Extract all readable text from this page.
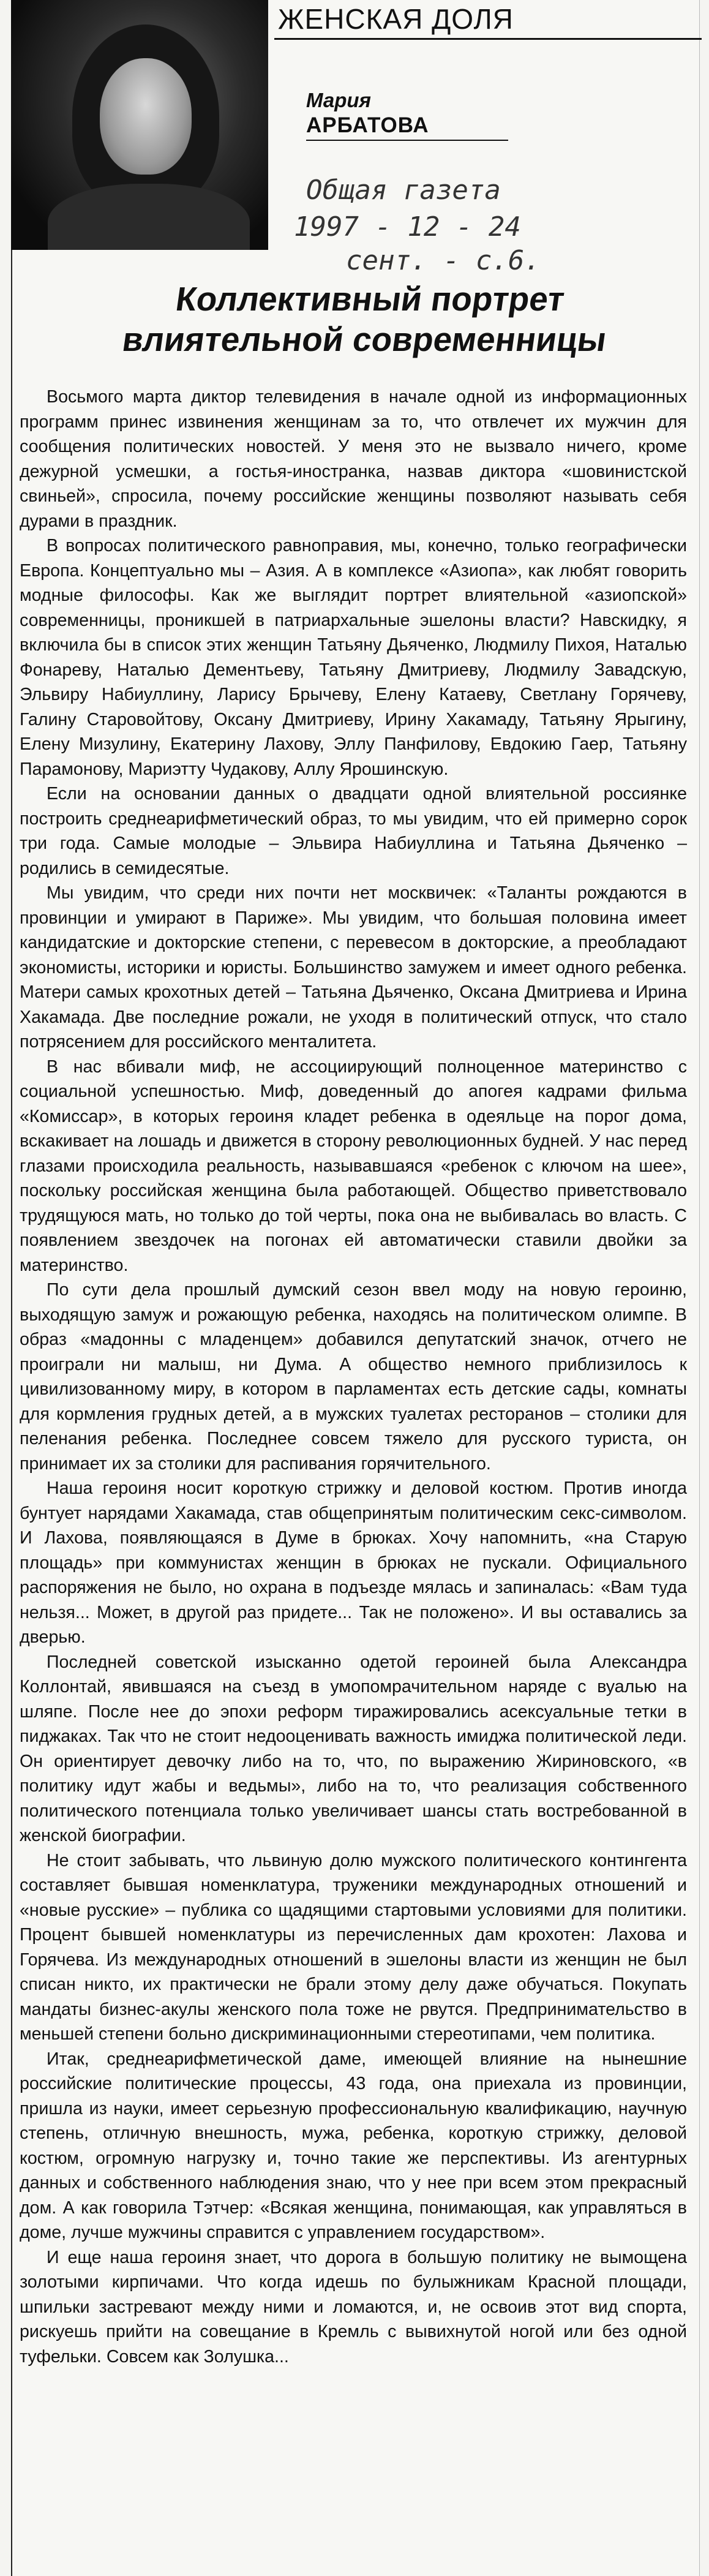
ЖЕНСКАЯ ДОЛЯ
Мария
АРБАТОВА
Общая газета
1997 - 12 - 24
сент. - с.6.
Коллективный портрет
влиятельной современницы

Восьмого марта диктор телевидения в начале одной из информационных программ принес извинения женщинам за то, что отвлечет их мужчин для сообщения политических новостей. У меня это не вызвало ничего, кроме дежурной усмешки, а гостья-иностранка, назвав диктора «шовинистской свиньей», спросила, почему российские женщины позволяют называть себя дурами в праздник.

В вопросах политического равноправия, мы, конечно, только географически Европа. Концептуально мы – Азия. А в комплексе «Азиопа», как любят говорить модные философы. Как же выглядит портрет влиятельной «азиопской» современницы, проникшей в патриархальные эшелоны власти? Навскидку, я включила бы в список этих женщин Татьяну Дьяченко, Людмилу Пихоя, Наталью Фонареву, Наталью Дементьеву, Татьяну Дмитриеву, Людмилу Завадскую, Эльвиру Набиуллину, Ларису Брычеву, Елену Катаеву, Светлану Горячеву, Галину Старовойтову, Оксану Дмитриеву, Ирину Хакамаду, Татьяну Ярыгину, Елену Мизулину, Екатерину Лахову, Эллу Панфилову, Евдокию Гаер, Татьяну Парамонову, Мариэтту Чудакову, Аллу Ярошинскую.

Если на основании данных о двадцати одной влиятельной россиянке построить среднеарифметический образ, то мы увидим, что ей примерно сорок три года. Самые молодые – Эльвира Набиуллина и Татьяна Дьяченко – родились в семидесятые.

Мы увидим, что среди них почти нет москвичек: «Таланты рождаются в провинции и умирают в Париже». Мы увидим, что большая половина имеет кандидатские и докторские степени, с перевесом в докторские, а преобладают экономисты, историки и юристы. Большинство замужем и имеет одного ребенка. Матери самых крохотных детей – Татьяна Дьяченко, Оксана Дмитриева и Ирина Хакамада. Две последние рожали, не уходя в политический отпуск, что стало потрясением для российского менталитета.

В нас вбивали миф, не ассоциирующий полноценное материнство с социальной успешностью. Миф, доведенный до апогея кадрами фильма «Комиссар», в которых героиня кладет ребенка в одеяльце на порог дома, вскакивает на лошадь и движется в сторону революционных будней. У нас перед глазами происходила реальность, называвшаяся «ребенок с ключом на шее», поскольку российская женщина была работающей. Общество приветствовало трудящуюся мать, но только до той черты, пока она не выбивалась во власть. С появлением звездочек на погонах ей автоматически ставили двойки за материнство.

По сути дела прошлый думский сезон ввел моду на новую героиню, выходящую замуж и рожающую ребенка, находясь на политическом олимпе. В образ «мадонны с младенцем» добавился депутатский значок, отчего не проиграли ни малыш, ни Дума. А общество немного приблизилось к цивилизованному миру, в котором в парламентах есть детские сады, комнаты для кормления грудных детей, а в мужских туалетах ресторанов – столики для пеленания ребенка. Последнее совсем тяжело для русского туриста, он принимает их за столики для распивания горячительного.

Наша героиня носит короткую стрижку и деловой костюм. Против иногда бунтует нарядами Хакамада, став общепринятым политическим секс-символом. И Лахова, появляющаяся в Думе в брюках. Хочу напомнить, «на Старую площадь» при коммунистах женщин в брюках не пускали. Официального распоряжения не было, но охрана в подъезде мялась и запиналась: «Вам туда нельзя... Может, в другой раз придете... Так не положено». И вы оставались за дверью.

Последней советской изысканно одетой героиней была Александра Коллонтай, явившаяся на съезд в умопомрачительном наряде с вуалью на шляпе. После нее до эпохи реформ тиражировались асексуальные тетки в пиджаках. Так что не стоит недооценивать важность имиджа политической леди. Он ориентирует девочку либо на то, что, по выражению Жириновского, «в политику идут жабы и ведьмы», либо на то, что реализация собственного политического потенциала только увеличивает шансы стать востребованной в женской биографии.

Не стоит забывать, что львиную долю мужского политического контингента составляет бывшая номенклатура, труженики международных отношений и «новые русские» – публика со щадящими стартовыми условиями для политики. Процент бывшей номенклатуры из перечисленных дам крохотен: Лахова и Горячева. Из международных отношений в эшелоны власти из женщин не был списан никто, их практически не брали этому делу даже обучаться. Покупать мандаты бизнес-акулы женского пола тоже не рвутся. Предпринимательство в меньшей степени больно дискриминационными стереотипами, чем политика.

Итак, среднеарифметической даме, имеющей влияние на нынешние российские политические процессы, 43 года, она приехала из провинции, пришла из науки, имеет серьезную профессиональную квалификацию, научную степень, отличную внешность, мужа, ребенка, короткую стрижку, деловой костюм, огромную нагрузку и, точно такие же перспективы. Из агентурных данных и собственного наблюдения знаю, что у нее при всем этом прекрасный дом. А как говорила Тэтчер: «Всякая женщина, понимающая, как управляться в доме, лучше мужчины справится с управлением государством».

И еще наша героиня знает, что дорога в большую политику не вымощена золотыми кирпичами. Что когда идешь по булыжникам Красной площади, шпильки застревают между ними и ломаются, и, не освоив этот вид спорта, рискуешь прийти на совещание в Кремль с вывихнутой ногой или без одной туфельки. Совсем как Золушка...
